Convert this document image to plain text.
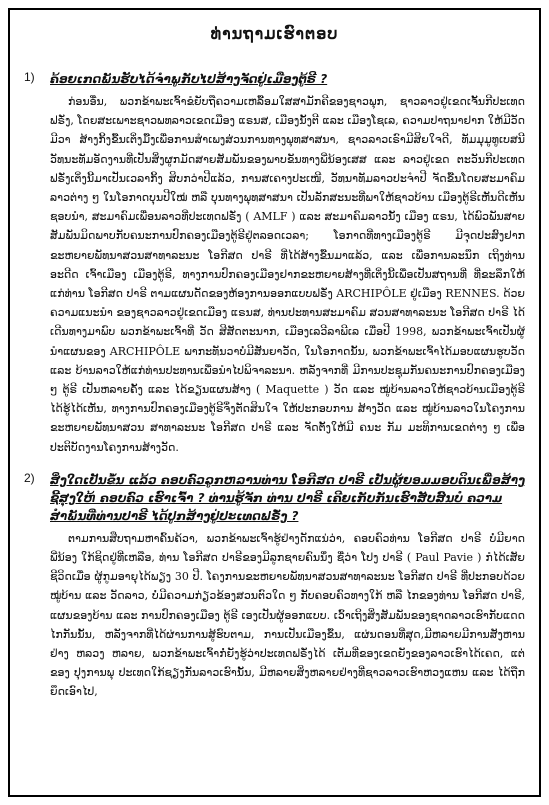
ທ່ານຖາມເຮົາຕອບ
1)	ຄ້ອຍເກດພັນຮັບໄດ້ຈຳພູກັບໄປສ້າງຈັດຢູ່ເມືອງຕູ້ຣີ ?

ກ່ອນອື່ນ, ພວກຂ້າພະເຈົ້າຂໍຍັບຖືຄວາມເຫລື້ອມໃສສາມັກຄີຂອງຊາວພຸກ, ຊາວລາວຢູ່ເຂດເຈັ້ນກີປະເທດ ຟຣັ່ງ, ໂດຍສະເພາະຊາວພທລາວເຂດເມືອງ ແຣນສ, ເມືອງນັ້ງຕີ ແລະ ເມືອງໂຊເລ, ຄວາມປາຖນາຢາກ ໃຫ້ມີວັດມີວາ ສ້າງກິ້ງຂື້ນເຕິ່ງມື້ງເພື່ອການສຳເພງສ່ວນການທາງພຸທສາສນາ, ຊາວລາວເຣົາມີສິຍໃຈດີ, ທັມມຸມູທູເບສນີ ວັທນະທັມອັດງານທີ່ເປັນສິ່ງຜູກມັດສາຍສັມພັນຂອງພາບຂັນທາງພີ່ນ້ອງເສສ ແລະ ລາວຢູ່ເຂດ ຕະວັນກີປະເທດຟຣັ່ງເຕິ່ງນີ້ມາເປັນເວລາກິ້ງ ສິບກວ່າປີແລ້ວ, ການສເຄາງປະເໜີ, ວັທນາທັມລາວປະຈຳປີ ຈັດຂື້ນໂດຍສະມາຄົມລາວຕ່າງ ໆ ໃນໂອກາດບຸນປີໃໝ່ ຫລື ບຸນທາງພຸທສາສນາ ເປັນລັກສະນະທີ່ພາໃຫ້ຊາວບ້ານ ເມືອງຕູ້ຣີເຫັນດີເຫັນຊອບນຳ, ສະມາຄົມເພື່ອນລາວທີ່ປະເທດຟຣັ່ງ ( AMLF ) ແລະ ສະມາຄົມລາວນັ້ງ ເມືອງ ແຣນ, ໄດ້ພົວພັນສາຍສັມພັນມິດພາບກັບຄນະການປົກຄອງເມືອງຕູ້ຣີຢູ່ຕລອດເວລາ; ໂອກາດທີ່ທາງເມືອງຕູ້ຣີ ມີຈຸດປະສົງຢາກຂະຫຍາຍພັທນາສວນສາທາລະນະ ໂອກີສດ ປາຣີ ທີ່ໄດ້ສ້າງຂື້ນມາແລ້ວ, ແລະ ເພື່ອການລະນຶກ ເຖິງທ່ານ ອະດີດ ເຈົ້າເມືອງ ເມືອງຕູ້ຣີ, ທາງການປົກຄອງເມືອງຢາກຂະຫຍາຍສ້າງທີ່ເຕິ່ງນີ້ເພື່ອເປັນສຖານທີ່ ທີ່ຂະລຶກໃຫ້ແກ່ທ່ານ ໂອກີສດ ປາຣີ ຕາມແຜນດັດຂອງຫ້ອງການອອກແບບຟຣັ່ງ ARCHIPÔLE ຢູ່ເມືອງ RENNES. ດ້ວຍຄວາມແນະນຳ ຂອງຊາວລາວຢູ່ເຂດເມືອງ ແຣນສ, ທ່ານປະທານສະມາຄົມ ສວນສາທາລະນະ ໂອກີສດ ປາຣີ ໄດ້ເດີນທາງມາພົບ ພວກຂ້າພະເຈົ້າທີ່ ວັດ ສີສັດຕະນາກ, ເມືອງເລວີລາພີເລ ເມື່ອປີ 1998, ພວກຂ້າພະເຈົ້າເປັນຜູ້ນຳແຜນຂອງ ARCHIPÔLE ພາກະທັນວາບໍ່ມີສັນຍາວັດ, ໃນໂອກາດນັ້ນ, ພວກຂ້າພະເຈົ້າໄດ້ມອບແຜນຮູບວັດ ແລະ ບ້ານລາວໃຫ້ແກ່ທ່ານປະທານເພື່ອນຳໄປພິຈາລະນາ. ຫລັງຈາກທີ່ ມີການປະຊຸມກັນຄນະການປົກຄອງເມືອງ ໆ ຕູ້ຣີ ເປັນຫລາຍຄັ້ງ ແລະ ໄດ້ຂຽນແຜນສ້າງ ( Maquette ) ວັດ ແລະ ໝູ່ບ້ານລາວໃຫ້ຊາວບ້ານເມືອງຕູ້ຣີ ໄດ້ຮູ້ໄດ້ເຫັນ, ທາງການປົກຄອງເມືອງຕູ້ຣີຈຶ່ງຕັດສິນໃຈ ໃຫ້ປະກອບການ ສ້າງວັດ ແລະ ໝູ່ບ້ານລາວໃນໂຄງການຂະຫຍາຍພັທນາສວນ ສາທາລະນະ ໂອກີສດ ປາຣີ ແລະ ຈັດຕັ້ງໃຫ້ມີ ຄນະ ກັມ ມະທິການເຂດຕ່າງ ໆ ເພື່ອປະຕິບັດງານໂຄງການສ້າງວັດ.

2)	ສິ່ງໃດເປັນຂໍ້ນ ແລ້ວ ຄອບຄົວລູກຫລານທ່ານ ໂອກີສດ ປາຣີ ເປັນຜູ້ຍອມມອບດິນເພື່ອສ້າງຊີ້ສຸງໃຫ້ ຄອບຄົວ ເຮົາເຈົ້າ ? ທ່ານຮູ້ຈັກ ທ່ານ ປາຣີ ເຄີຍເກັບກັນເຮົາສັບສົນບໍ ຄວາມສຳພັນທີ່ທ່ານປາຣີ ໄດ້ປູກສ້າງຢູ່ປະເທດຟຣັ່ງ ?

ຕາມການສືບຖາມຫາຄົ້ນຄ້ວາ, ພວກຂ້າພະເຈົ້າຮູ້ຢ່າງດັກແນ່ວ່າ, ຄອບຄົວທ່ານ ໂອກີສດ ປາຣີ ບໍ່ມີຍາດພີ່ນ້ອງ ໃກ້ຊິດຢູ່ທີ່ເຫລືອ, ທ່ານ ໂອກີສດ ປາຣີຂອງມີລູກຊາຍຄົນນຶ່ງ ຊື່ວ່າ ໂປງ ປາຣີ ( Paul Pavie ) ກໍໄດ້ເສັຍຊີວິດເມື່ອ ຜູ້ກູມອາຍຸໄດ້ພຽງ 30 ປີ. ໂຄງການຂະຫຍາຍພັທນາສວນສາທາລະນະ ໂອກີສດ ປາຣີ ທີ່ປະກອບດ້ວຍໝູ່ບ້ານ ແລະ ວັດລາວ, ບໍ່ມີຄວາມກ່ຽວຂ້ອງສວນຕົວໃດ ໆ ກັບຄອບຄົວທາງໃກ້ ຫລື ໄກຂອງທ່ານ ໂອກີສດ ປາຣີ, ແຜນຂອງບ້ານ ແລະ ການປົກຄອງເມືອງ ຕູ້ຣີ ເອງເປັນຜູ້ອອກແບບ. ເວົ້າເຖິງສິ່ງສັມພັນຂອງຊາດລາວເຮົາກັບແດດໄກກັນນັ້ນ, ຫລັງຈາກທີ່ໄດ້ຜ່ານການສູ້ຮົບຕາມ, ການເປັນເມືອງຂຶ້ນ, ແຜ່ນດອນທີ່ສຸດ,ມີຫລາຍມີການສັງຫານຢ່າງ ຫລວງ ຫລາຍ, ພວກຂ້າພະເຈົ້າກໍ່ຍັງຮູ້ວ່າປະເທດຟຣັ່ງໄດ້ ເຕັມທີ່ຂອງເຂດຍັງຂອງລາວເຮົາໄດ້ເຄດ, ແຕ່ຂອງ ປຸງການພຸ ປະເທດໃກ້ຊຽງກັນລາວເຮົານັ້ນ, ມີຫລາຍສິ່ງຫລາຍຢ່າງທີ່ຊາວລາວເຮົາຫວງແຫນ ແລະ ໄດ້ຖືກຍຶດເອົາໄປ,
